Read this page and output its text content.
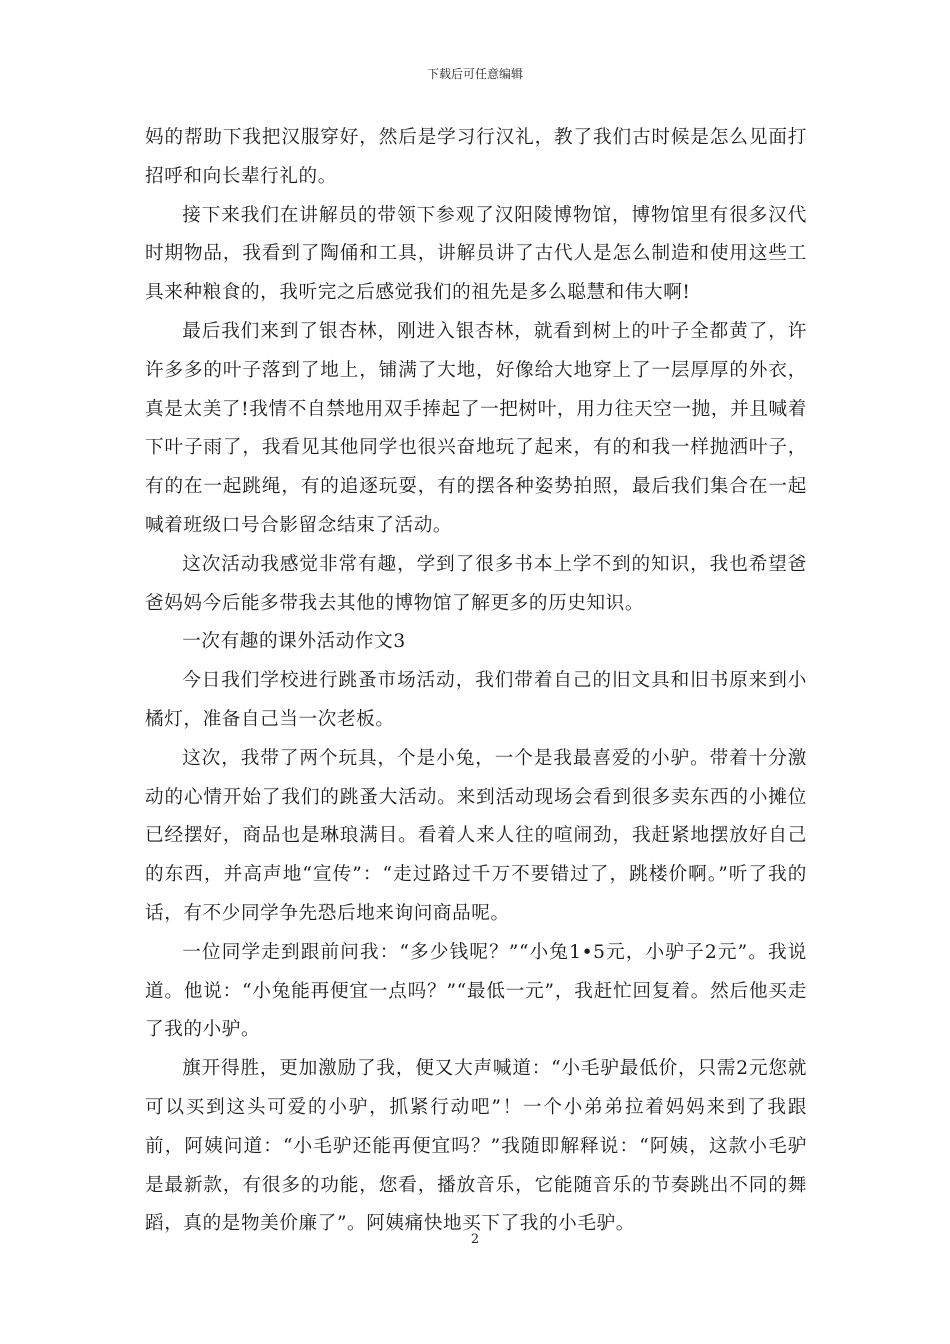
下载后可任意编辑

妈的帮助下我把汉服穿好，然后是学习行汉礼，教了我们古时候是怎么见面打招呼和向长辈行礼的。

接下来我们在讲解员的带领下参观了汉阳陵博物馆，博物馆里有很多汉代时期物品，我看到了陶俑和工具，讲解员讲了古代人是怎么制造和使用这些工具来种粮食的，我听完之后感觉我们的祖先是多么聪慧和伟大啊!

最后我们来到了银杏林，刚进入银杏林，就看到树上的叶子全都黄了，许许多多的叶子落到了地上，铺满了大地，好像给大地穿上了一层厚厚的外衣，真是太美了!我情不自禁地用双手捧起了一把树叶，用力往天空一抛，并且喊着下叶子雨了，我看见其他同学也很兴奋地玩了起来，有的和我一样抛洒叶子，有的在一起跳绳，有的追逐玩耍，有的摆各种姿势拍照，最后我们集合在一起喊着班级口号合影留念结束了活动。

这次活动我感觉非常有趣，学到了很多书本上学不到的知识，我也希望爸爸妈妈今后能多带我去其他的博物馆了解更多的历史知识。

一次有趣的课外活动作文3

今日我们学校进行跳蚤市场活动，我们带着自己的旧文具和旧书原来到小橘灯，准备自己当一次老板。

这次，我带了两个玩具，个是小兔，一个是我最喜爱的小驴。带着十分激动的心情开始了我们的跳蚤大活动。来到活动现场会看到很多卖东西的小摊位已经摆好，商品也是琳琅满目。看着人来人往的喧闹劲，我赶紧地摆放好自己的东西，并高声地“宣传”：“走过路过千万不要错过了，跳楼价啊。”听了我的话，有不少同学争先恐后地来询问商品呢。

一位同学走到跟前问我：“多少钱呢？”“小兔1•5元，小驴子2元”。我说道。他说：“小兔能再便宜一点吗？”“最低一元”，我赶忙回复着。然后他买走了我的小驴。

旗开得胜，更加激励了我，便又大声喊道：“小毛驴最低价，只需2元您就可以买到这头可爱的小驴，抓紧行动吧”！一个小弟弟拉着妈妈来到了我跟前，阿姨问道：“小毛驴还能再便宜吗？”我随即解释说：“阿姨，这款小毛驴是最新款，有很多的功能，您看，播放音乐，它能随音乐的节奏跳出不同的舞蹈，真的是物美价廉了”。阿姨痛快地买下了我的小毛驴。

2
